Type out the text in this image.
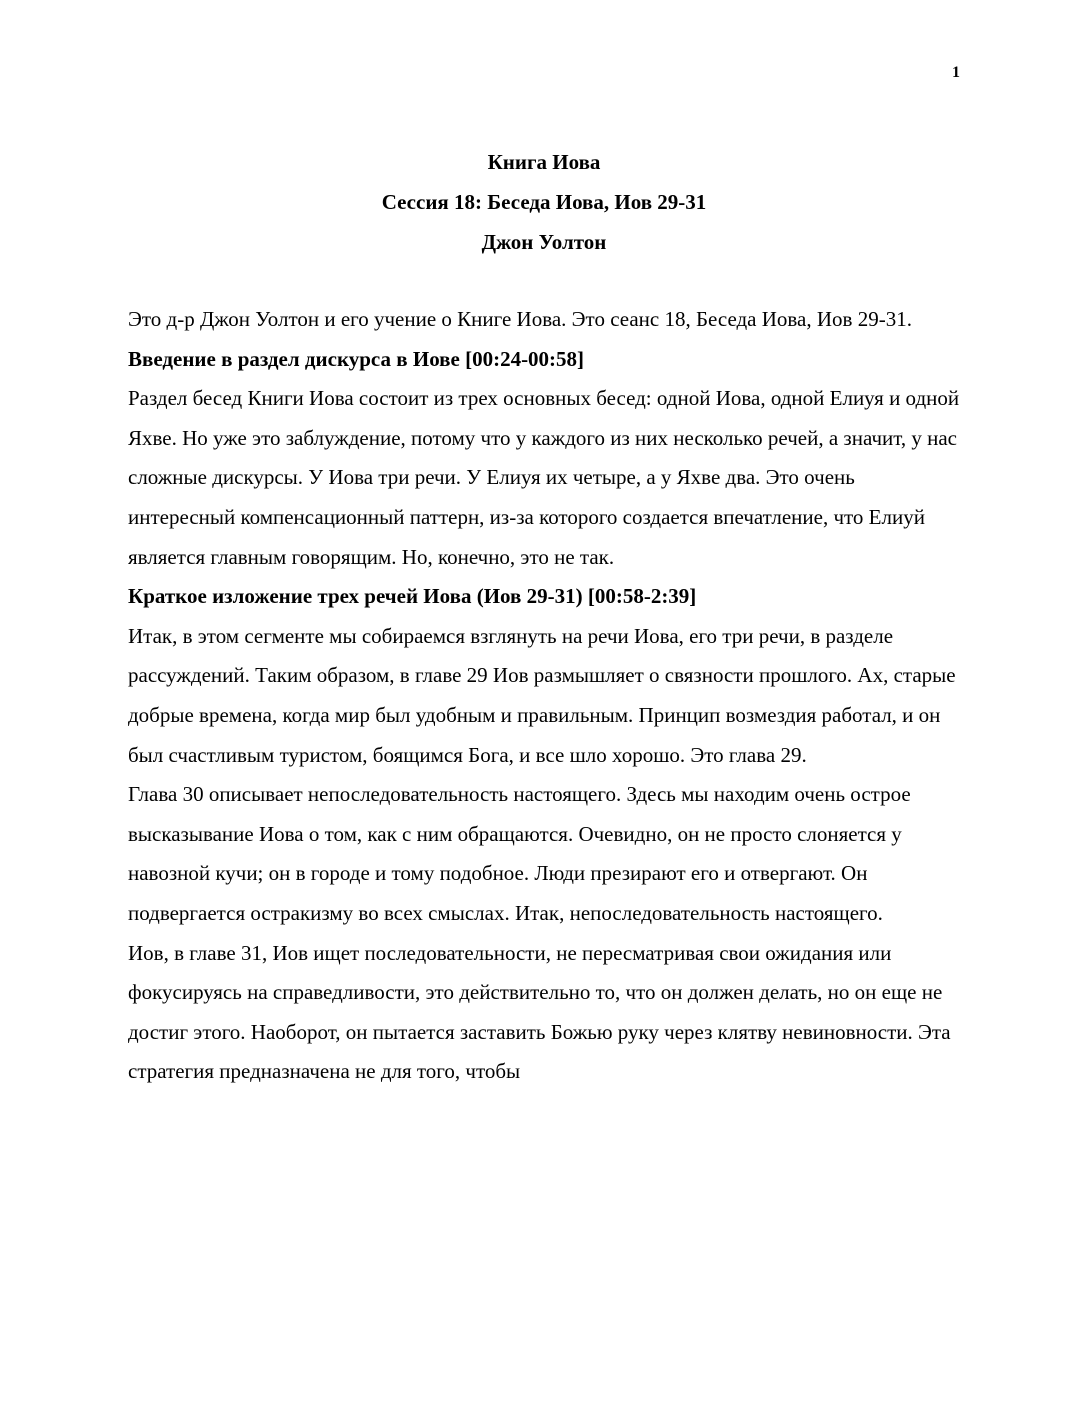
1
Книга Иова
Сессия 18: Беседа Иова, Иов 29-31
Джон Уолтон

Это д-р Джон Уолтон и его учение о Книге Иова. Это сеанс 18, Беседа Иова, Иов 29-31.

Введение в раздел дискурса в Иове [00:24-00:58]

Раздел бесед Книги Иова состоит из трех основных бесед: одной Иова, одной Елиуя и одной Яхве. Но уже это заблуждение, потому что у каждого из них несколько речей, а значит, у нас сложные дискурсы. У Иова три речи. У Елиуя их четыре, а у Яхве два. Это очень интересный компенсационный паттерн, из-за которого создается впечатление, что Елиуй является главным говорящим. Но, конечно, это не так.

Краткое изложение трех речей Иова (Иов 29-31) [00:58-2:39]

Итак, в этом сегменте мы собираемся взглянуть на речи Иова, его три речи, в разделе рассуждений. Таким образом, в главе 29 Иов размышляет о связности прошлого. Ах, старые добрые времена, когда мир был удобным и правильным. Принцип возмездия работал, и он был счастливым туристом, боящимся Бога, и все шло хорошо. Это глава 29.

Глава 30 описывает непоследовательность настоящего. Здесь мы находим очень острое высказывание Иова о том, как с ним обращаются. Очевидно, он не просто слоняется у навозной кучи; он в городе и тому подобное. Люди презирают его и отвергают. Он подвергается остракизму во всех смыслах. Итак, непоследовательность настоящего.

Иов, в главе 31, Иов ищет последовательности, не пересматривая свои ожидания или фокусируясь на справедливости, это действительно то, что он должен делать, но он еще не достиг этого. Наоборот, он пытается заставить Божью руку через клятву невиновности. Эта стратегия предназначена не для того, чтобы
